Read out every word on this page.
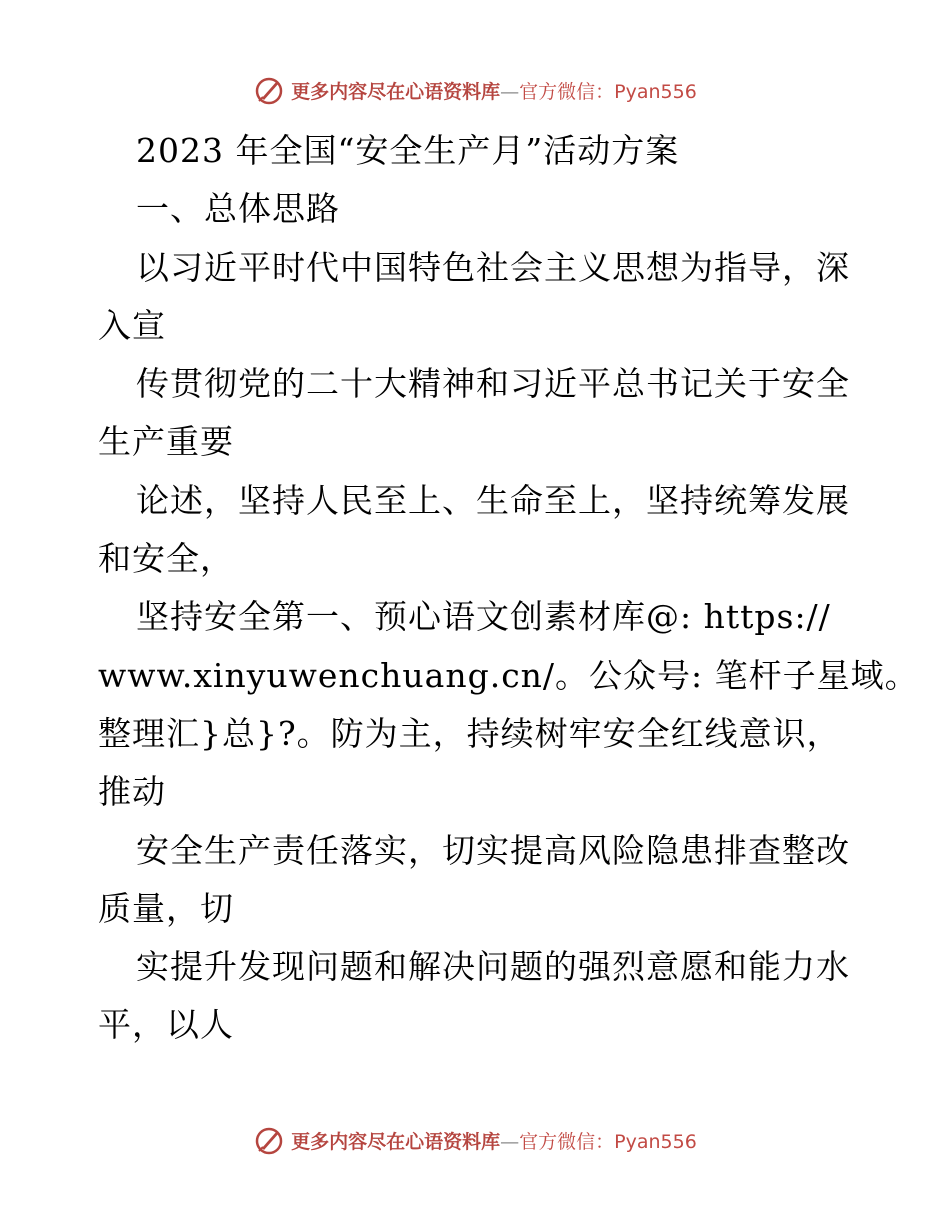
更多内容尽在心语资料库—官方微信：Pyan556
2023 年全国“安全生产月”活动方案
一、总体思路
以习近平时代中国特色社会主义思想为指导，深
入宣
传贯彻党的二十大精神和习近平总书记关于安全
生产重要
论述，坚持人民至上、生命至上，坚持统筹发展
和安全，
坚持安全第一、预心语文创素材库@: https://
www.xinyuwenchuang.cn/。公众号: 笔杆子星域。
整理汇}总}?。防为主，持续树牢安全红线意识，
推动
安全生产责任落实，切实提高风险隐患排查整改
质量，切
实提升发现问题和解决问题的强烈意愿和能力水
平，以人
更多内容尽在心语资料库—官方微信：Pyan556
